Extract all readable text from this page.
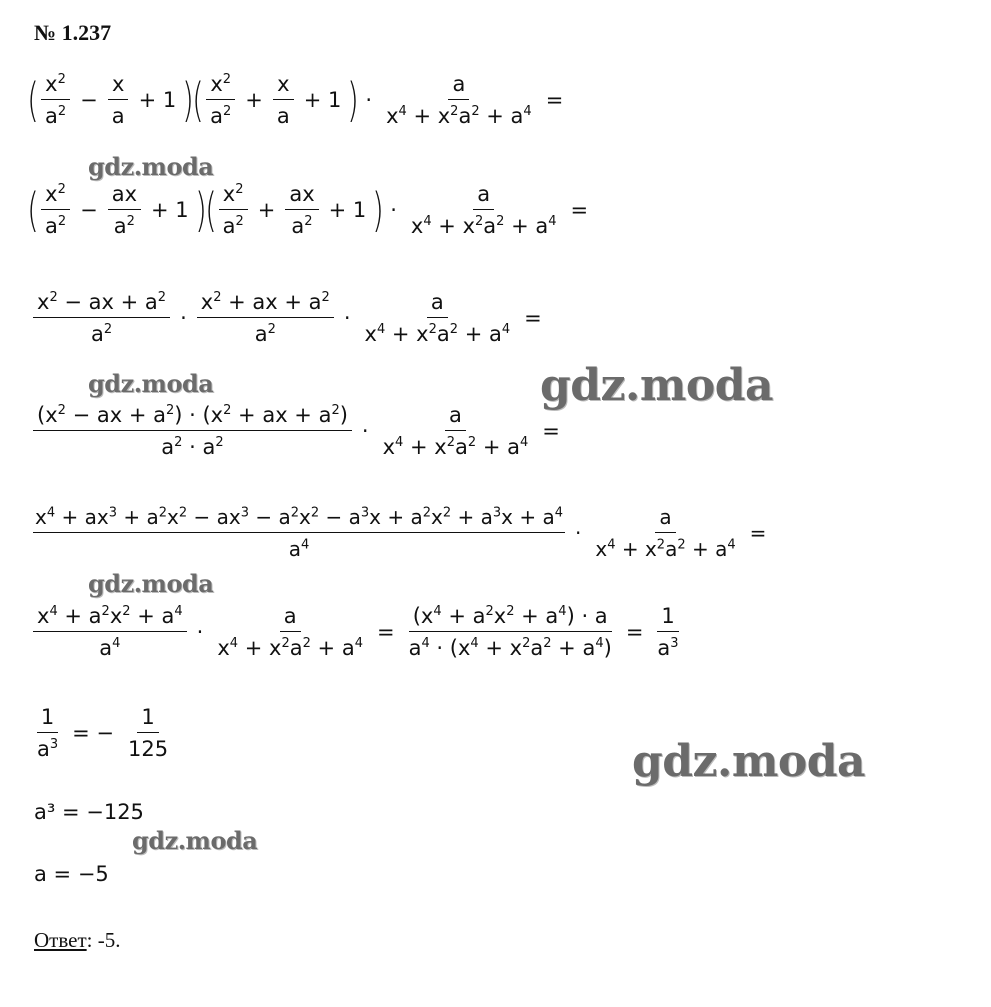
№ 1.237
( $\frac{x^2}{a^2} - \frac{x}{a} + 1$ )
( $\frac{x^2}{a^2} + \frac{x}{a} + 1$ ) · $\frac{a}{x^4 + x^2a^2 + a^4}$ =
( $\frac{x^2}{a^2} - \frac{ax}{a^2} + 1$ )
( $\frac{x^2}{a^2} + \frac{ax}{a^2} + 1$ ) · $\frac{a}{x^4 + x^2a^2 + a^4}$ =
$\frac{x^2 - ax + a^2}{a^2} \cdot \frac{x^2 + ax + a^2}{a^2} \cdot \frac{a}{x^4 + x^2a^2 + a^4}$ =
$\frac{(x^2 - ax + a^2) \cdot (x^2 + ax + a^2)}{a^2 \cdot a^2} \cdot \frac{a}{x^4 + x^2a^2 + a^4}$ =
$\frac{x^4 + ax^3 + a^2x^2 - ax^3 - a^2x^2 - a^3x + a^2x^2 + a^3x + a^4}{a^4} \cdot \frac{a}{x^4 + x^2a^2 + a^4}$ =
$\frac{x^4 + a^2x^2 + a^4}{a^4} \cdot \frac{a}{x^4 + x^2a^2 + a^4} = \frac{(x^4 + a^2x^2 + a^4) \cdot a}{a^4 \cdot (x^4 + x^2a^2 + a^4)} = \frac{1}{a^3}$
$\frac{1}{a^3}$ = − $\frac{1}{125}$
a³ = −125
a = −5
Ответ: -5.
gdz.moda
gdz.moda	gdz.moda
gdz.moda
gdz.moda
gdz.moda
